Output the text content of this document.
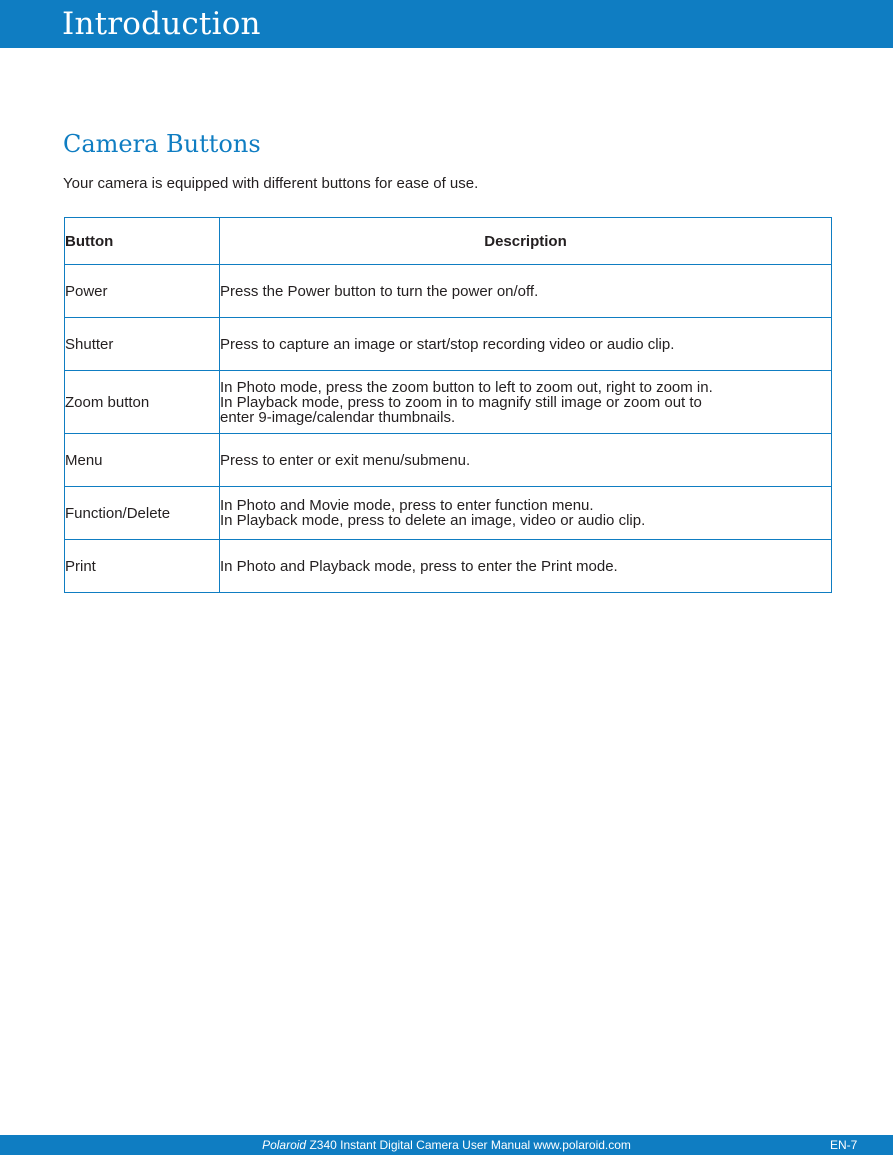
Introduction
Camera Buttons
Your camera is equipped with different buttons for ease of use.
Button	Description
Power	Press the Power button to turn the power on/off.

Shutter	Press to capture an image or start/stop recording video or audio clip.

Zoom button	In Photo mode, press the zoom button to left to zoom out, right to zoom in.
In Playback mode, press to zoom in to magnify still image or zoom out to
enter 9-image/calendar thumbnails.

Menu	Press to enter or exit menu/submenu.

Function/Delete	In Photo and Movie mode, press to enter function menu.
In Playback mode, press to delete an image, video or audio clip.

Print	In Photo and Playback mode, press to enter the Print mode.
Polaroid Z340 Instant Digital Camera User Manual www.polaroid.com	EN-7
